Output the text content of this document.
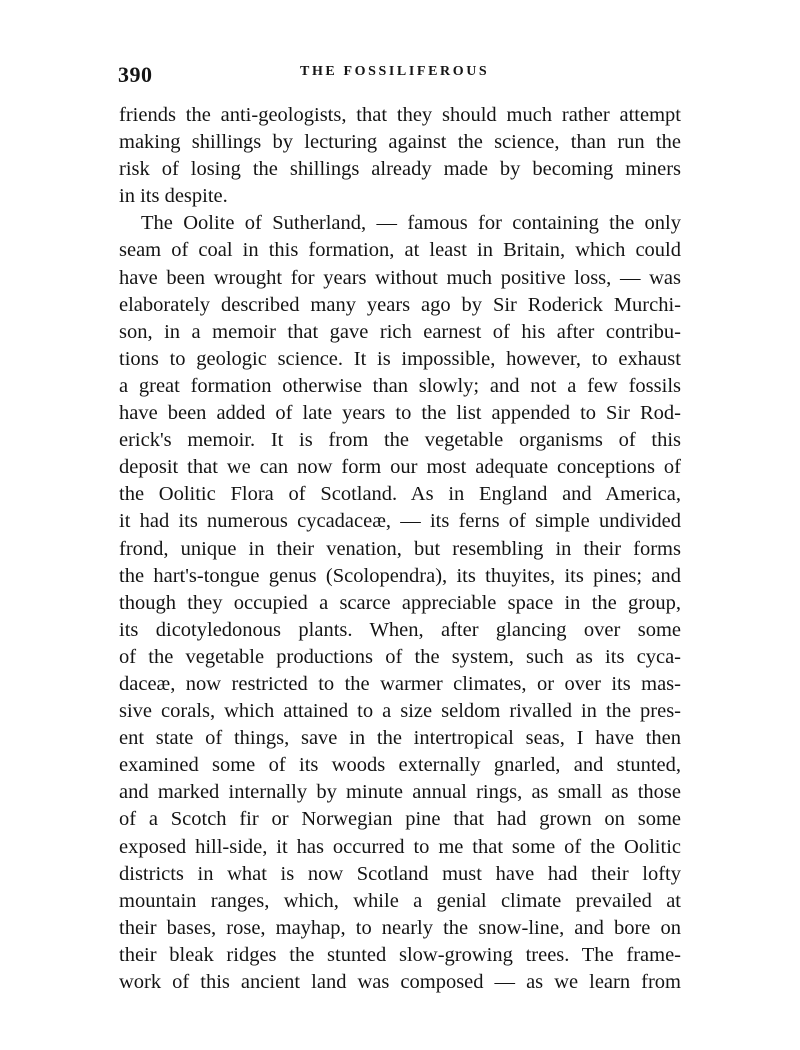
390	THE FOSSILIFEROUS
friends the anti-geologists, that they should much rather attempt
making shillings by lecturing against the science, than run the
risk of losing the shillings already made by becoming miners
in its despite.
The Oolite of Sutherland, — famous for containing the only
seam of coal in this formation, at least in Britain, which could
have been wrought for years without much positive loss, — was
elaborately described many years ago by Sir Roderick Murchi-
son, in a memoir that gave rich earnest of his after contribu-
tions to geologic science. It is impossible, however, to exhaust
a great formation otherwise than slowly; and not a few fossils
have been added of late years to the list appended to Sir Rod-
erick's memoir. It is from the vegetable organisms of this
deposit that we can now form our most adequate conceptions of
the Oolitic Flora of Scotland. As in England and America,
it had its numerous cycadaceæ, — its ferns of simple undivided
frond, unique in their venation, but resembling in their forms
the hart's-tongue genus (Scolopendra), its thuyites, its pines; and
though they occupied a scarce appreciable space in the group,
its dicotyledonous plants. When, after glancing over some
of the vegetable productions of the system, such as its cyca-
daceæ, now restricted to the warmer climates, or over its mas-
sive corals, which attained to a size seldom rivalled in the pres-
ent state of things, save in the intertropical seas, I have then
examined some of its woods externally gnarled, and stunted,
and marked internally by minute annual rings, as small as those
of a Scotch fir or Norwegian pine that had grown on some
exposed hill-side, it has occurred to me that some of the Oolitic
districts in what is now Scotland must have had their lofty
mountain ranges, which, while a genial climate prevailed at
their bases, rose, mayhap, to nearly the snow-line, and bore on
their bleak ridges the stunted slow-growing trees. The frame-
work of this ancient land was composed — as we learn from
